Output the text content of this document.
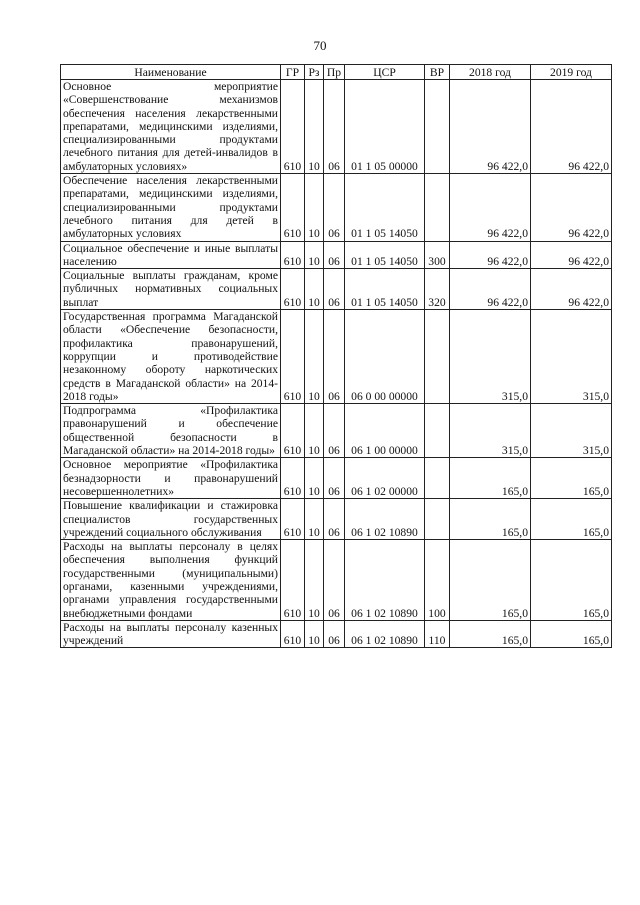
70
Наименование	ГР	Рз	Пр	ЦСР	ВР	2018 год	2019 год
Основное мероприятие «Совершенствование механизмов обеспечения населения лекарственными препаратами, медицинскими изделиями, специализированными продуктами лечебного питания для детей-инвалидов в амбулаторных условиях»	610	10	06	01 1 05 00000		96 422,0	96 422,0
Обеспечение населения лекарственными препаратами, медицинскими изделиями, специализированными продуктами лечебного питания для детей в амбулаторных условиях	610	10	06	01 1 05 14050		96 422,0	96 422,0
Социальное обеспечение и иные выплаты населению	610	10	06	01 1 05 14050	300	96 422,0	96 422,0
Социальные выплаты гражданам, кроме публичных нормативных социальных выплат	610	10	06	01 1 05 14050	320	96 422,0	96 422,0
Государственная программа Магаданской области «Обеспечение безопасности, профилактика правонарушений, коррупции и противодействие незаконному обороту наркотических средств в Магаданской области» на 2014-2018 годы»	610	10	06	06 0 00 00000		315,0	315,0
Подпрограмма «Профилактика правонарушений и обеспечение общественной безопасности в Магаданской области» на 2014-2018 годы»	610	10	06	06 1 00 00000		315,0	315,0
Основное мероприятие «Профилактика безнадзорности и правонарушений несовершеннолетних»	610	10	06	06 1 02 00000		165,0	165,0
Повышение квалификации и стажировка специалистов государственных учреждений социального обслуживания	610	10	06	06 1 02 10890		165,0	165,0
Расходы на выплаты персоналу в целях обеспечения выполнения функций государственными (муниципальными) органами, казенными учреждениями, органами управления государственными внебюджетными фондами	610	10	06	06 1 02 10890	100	165,0	165,0
Расходы на выплаты персоналу казенных учреждений	610	10	06	06 1 02 10890	110	165,0	165,0
